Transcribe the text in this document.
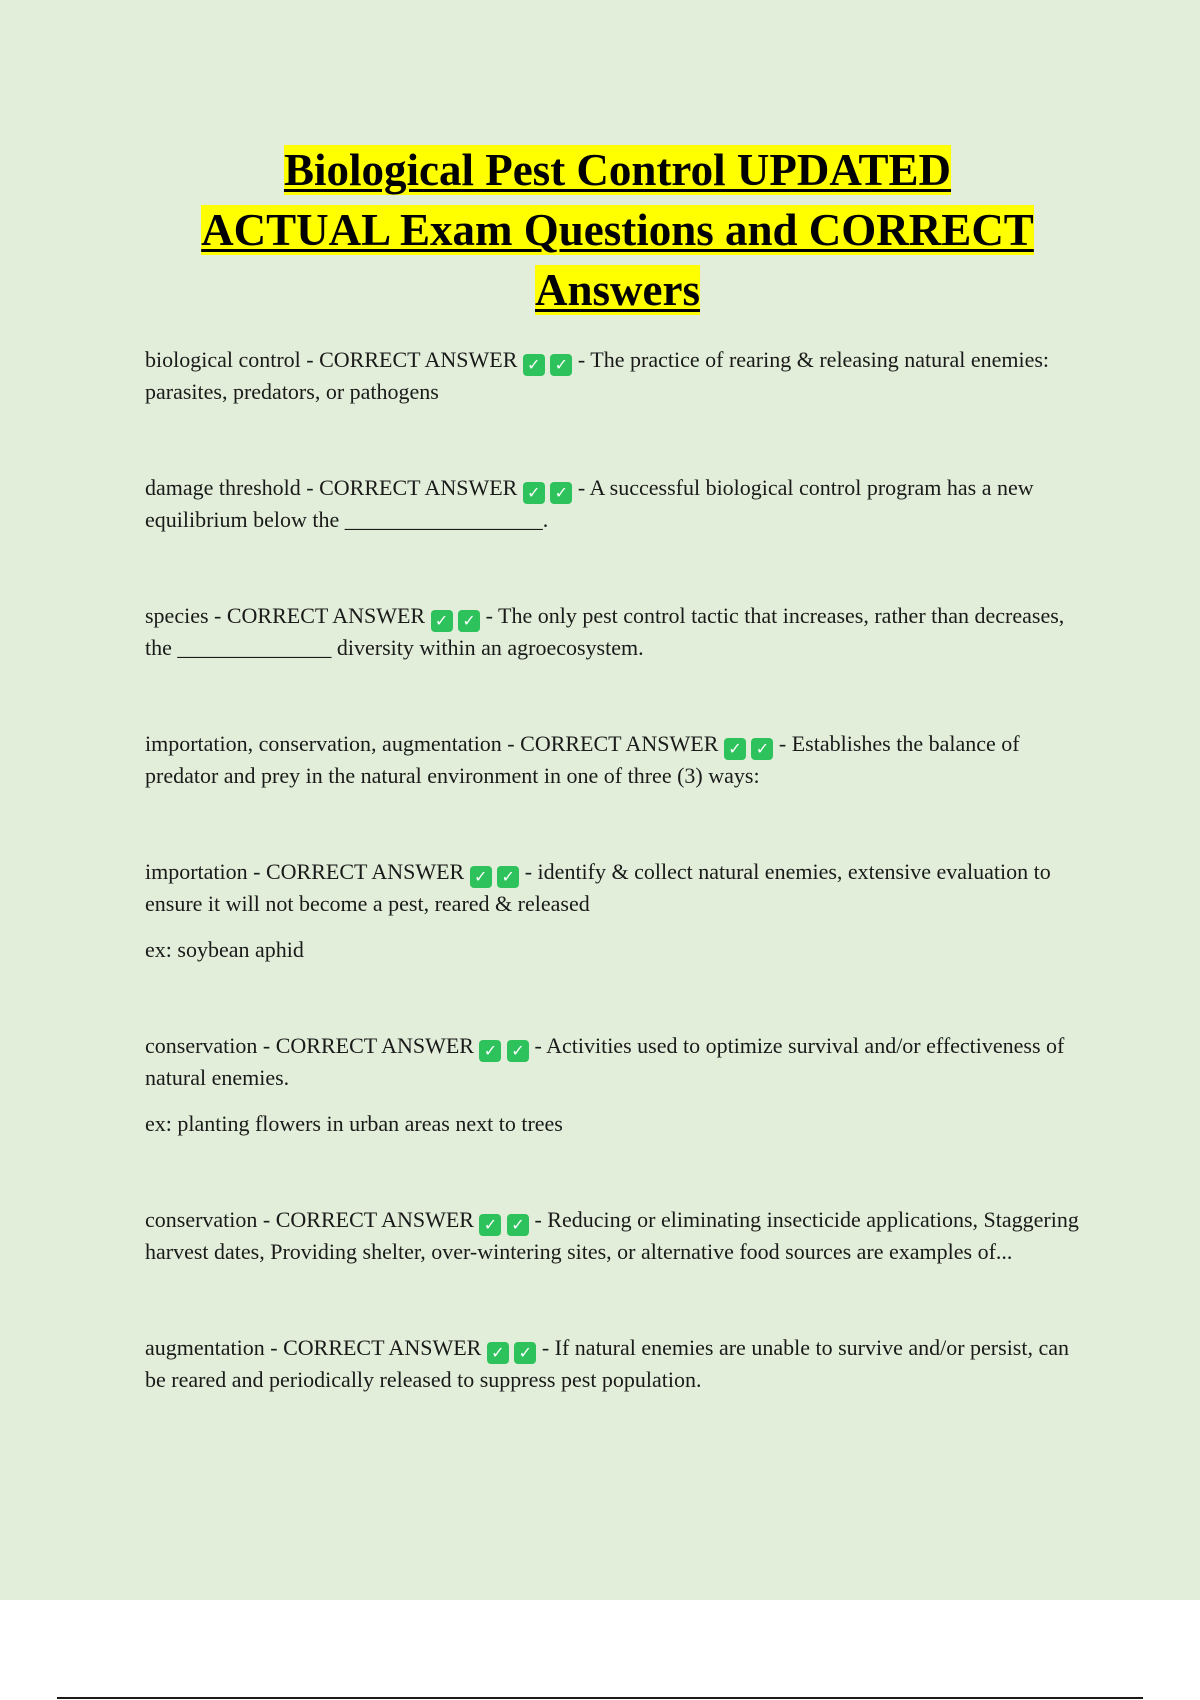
Biological Pest Control UPDATED
ACTUAL Exam Questions and CORRECT
Answers

biological control - CORRECT ANSWER ✓ ✓ - The practice of rearing & releasing natural enemies: parasites, predators, or pathogens

damage threshold - CORRECT ANSWER ✓ ✓ - A successful biological control program has a new equilibrium below the __________________.

species - CORRECT ANSWER ✓ ✓ - The only pest control tactic that increases, rather than decreases, the ______________ diversity within an agroecosystem.

importation, conservation, augmentation - CORRECT ANSWER ✓ ✓ - Establishes the balance of predator and prey in the natural environment in one of three (3) ways:

importation - CORRECT ANSWER ✓ ✓ - identify & collect natural enemies, extensive evaluation to ensure it will not become a pest, reared & released

ex: soybean aphid

conservation - CORRECT ANSWER ✓ ✓ - Activities used to optimize survival and/or effectiveness of natural enemies.

ex: planting flowers in urban areas next to trees

conservation - CORRECT ANSWER ✓ ✓ - Reducing or eliminating insecticide applications, Staggering harvest dates, Providing shelter, over-wintering sites, or alternative food sources are examples of...

augmentation - CORRECT ANSWER ✓ ✓ - If natural enemies are unable to survive and/or persist, can be reared and periodically released to suppress pest population.
